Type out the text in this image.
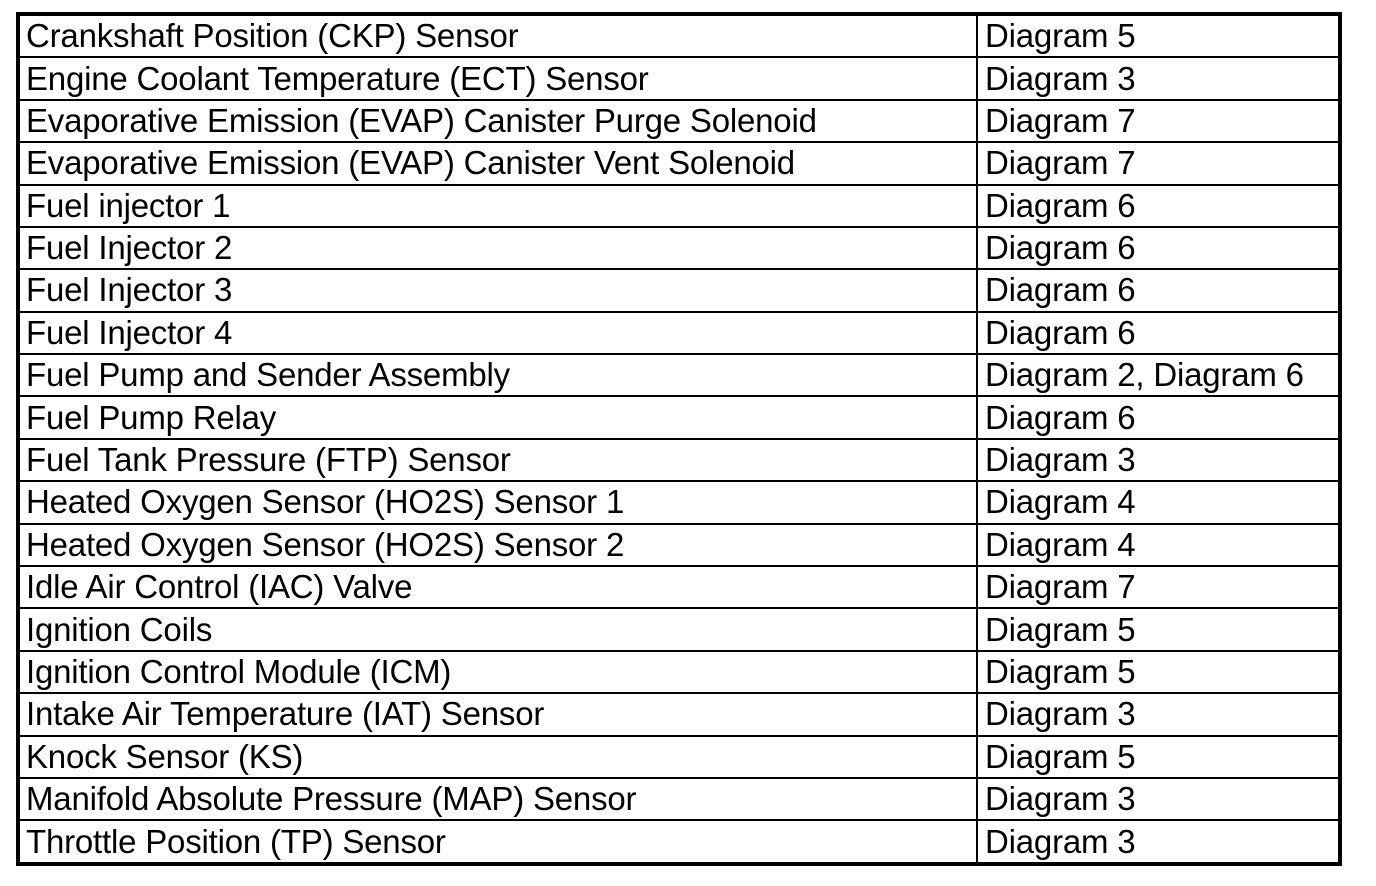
Crankshaft Position (CKP) Sensor	Diagram 5
Engine Coolant Temperature (ECT) Sensor	Diagram 3
Evaporative Emission (EVAP) Canister Purge Solenoid	Diagram 7
Evaporative Emission (EVAP) Canister Vent Solenoid	Diagram 7
Fuel injector 1	Diagram 6
Fuel Injector 2	Diagram 6
Fuel Injector 3	Diagram 6
Fuel Injector 4	Diagram 6
Fuel Pump and Sender Assembly	Diagram 2, Diagram 6
Fuel Pump Relay	Diagram 6
Fuel Tank Pressure (FTP) Sensor	Diagram 3
Heated Oxygen Sensor (HO2S) Sensor 1	Diagram 4
Heated Oxygen Sensor (HO2S) Sensor 2	Diagram 4
Idle Air Control (IAC) Valve	Diagram 7
Ignition Coils	Diagram 5
Ignition Control Module (ICM)	Diagram 5
Intake Air Temperature (IAT) Sensor	Diagram 3
Knock Sensor (KS)	Diagram 5
Manifold Absolute Pressure (MAP) Sensor	Diagram 3
Throttle Position (TP) Sensor	Diagram 3
